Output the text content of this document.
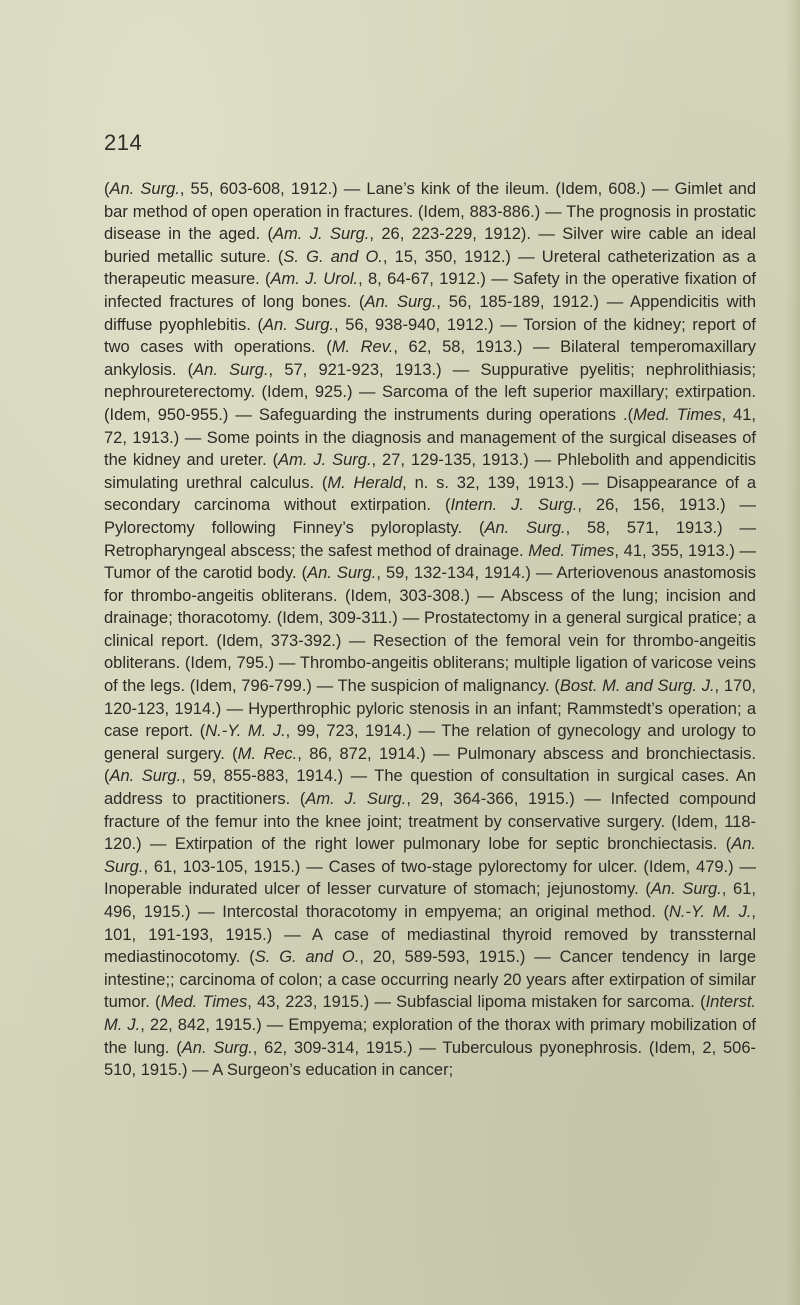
214

(An. Surg., 55, 603-608, 1912.) — Lane’s kink of the ileum. (Idem, 608.) — Gimlet and bar method of open operation in fractures. (Idem, 883-886.) — The prognosis in prostatic disease in the aged. (Am. J. Surg., 26, 223-229, 1912). — Silver wire cable an ideal buried metallic suture. (S. G. and O., 15, 350, 1912.) — Ureteral catheterization as a therapeutic measure. (Am. J. Urol., 8, 64-67, 1912.) — Safety in the operative fixation of infected fractures of long bones. (An. Surg., 56, 185-189, 1912.) — Appendicitis with diffuse pyophlebitis. (An. Surg., 56, 938-940, 1912.) — Torsion of the kidney; report of two cases with operations. (M. Rev., 62, 58, 1913.) — Bilateral temperomaxillary ankylosis. (An. Surg., 57, 921-923, 1913.) — Suppurative pyelitis; nephrolithiasis; nephroureterectomy. (Idem, 925.) — Sarcoma of the left superior maxillary; extirpation. (Idem, 950-955.) — Safeguarding the instruments during operations .(Med. Times, 41, 72, 1913.) — Some points in the diagnosis and management of the surgical diseases of the kidney and ureter. (Am. J. Surg., 27, 129-135, 1913.) — Phlebolith and appendicitis simulating urethral calculus. (M. Herald, n. s. 32, 139, 1913.) — Disappearance of a secondary carcinoma without extirpation. (Intern. J. Surg., 26, 156, 1913.) — Pylorectomy following Finney’s pyloroplasty. (An. Surg., 58, 571, 1913.) — Retropharyngeal abscess; the safest method of drainage. Med. Times, 41, 355, 1913.) — Tumor of the carotid body. (An. Surg., 59, 132-134, 1914.) — Arteriovenous anastomosis for thrombo-angeitis obliterans. (Idem, 303-308.) — Abscess of the lung; incision and drainage; thoracotomy. (Idem, 309-311.) — Prostatectomy in a general surgical pratice; a clinical report. (Idem, 373-392.) — Resection of the femoral vein for thrombo-angeitis obliterans. (Idem, 795.) — Thrombo-angeitis obliterans; multiple ligation of varicose veins of the legs. (Idem, 796-799.) — The suspicion of malignancy. (Bost. M. and Surg. J., 170, 120-123, 1914.) — Hyperthrophic pyloric stenosis in an infant; Rammstedt’s operation; a case report. (N.-Y. M. J., 99, 723, 1914.) — The relation of gynecology and urology to general surgery. (M. Rec., 86, 872, 1914.) — Pulmonary abscess and bronchiectasis. (An. Surg., 59, 855-883, 1914.) — The question of consultation in surgical cases. An address to practitioners. (Am. J. Surg., 29, 364-366, 1915.) — Infected compound fracture of the femur into the knee joint; treatment by conservative surgery. (Idem, 118-120.) — Extirpation of the right lower pulmonary lobe for septic bronchiectasis. (An. Surg., 61, 103-105, 1915.) — Cases of two-stage pylorectomy for ulcer. (Idem, 479.) — Inoperable indurated ulcer of lesser curvature of stomach; jejunostomy. (An. Surg., 61, 496, 1915.) — Intercostal thoracotomy in empyema; an original method. (N.-Y. M. J., 101, 191-193, 1915.) — A case of mediastinal thyroid removed by transsternal mediastinocotomy. (S. G. and O., 20, 589-593, 1915.) — Cancer tendency in large intestine;; carcinoma of colon; a case occurring nearly 20 years after extirpation of similar tumor. (Med. Times, 43, 223, 1915.) — Subfascial lipoma mistaken for sarcoma. (Interst. M. J., 22, 842, 1915.) — Empyema; exploration of the thorax with primary mobilization of the lung. (An. Surg., 62, 309-314, 1915.) — Tuberculous pyonephrosis. (Idem, 2, 506-510, 1915.) — A Surgeon’s education in cancer;
